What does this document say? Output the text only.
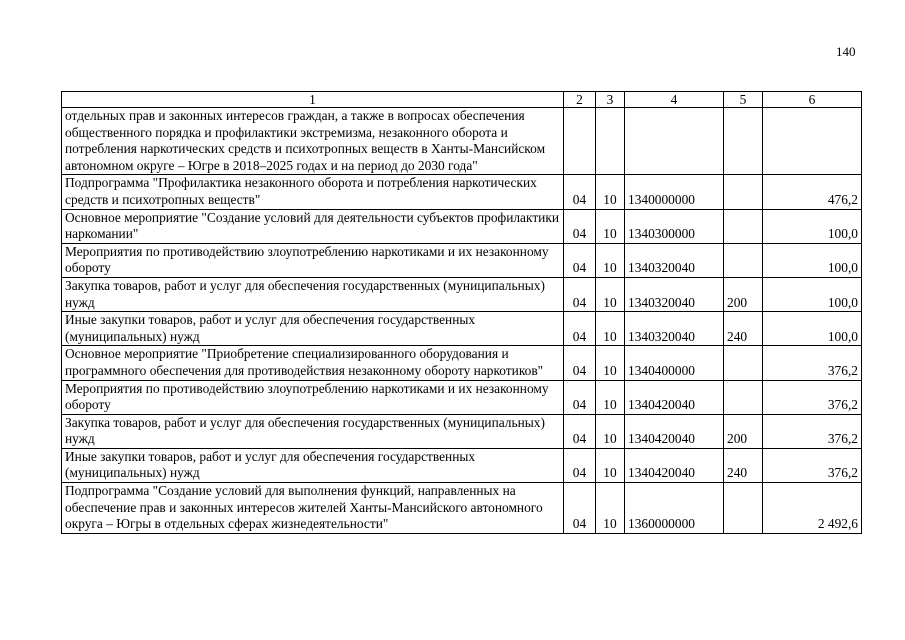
140
1	2	3	4	5	6
отдельных прав и законных интересов граждан, а также в вопросах обеспечения общественного порядка и профилактики экстремизма, незаконного оборота и потребления наркотических средств и психотропных веществ в Ханты-Мансийском автономном округе – Югре в 2018–2025 годах и на период до 2030 года"					
Подпрограмма "Профилактика незаконного оборота и потребления наркотических средств и психотропных веществ"	04	10	1340000000		476,2
Основное мероприятие "Создание условий для деятельности субъектов профилактики наркомании"	04	10	1340300000		100,0
Мероприятия по противодействию злоупотреблению наркотиками и их незаконному обороту	04	10	1340320040		100,0
Закупка товаров, работ и услуг для обеспечения государственных (муниципальных) нужд	04	10	1340320040	200	100,0
Иные закупки товаров, работ и услуг для обеспечения государственных (муниципальных) нужд	04	10	1340320040	240	100,0
Основное мероприятие "Приобретение специализированного оборудования и программного обеспечения для противодействия незаконному обороту наркотиков"	04	10	1340400000		376,2
Мероприятия по противодействию злоупотреблению наркотиками и их незаконному обороту	04	10	1340420040		376,2
Закупка товаров, работ и услуг для обеспечения государственных (муниципальных) нужд	04	10	1340420040	200	376,2
Иные закупки товаров, работ и услуг для обеспечения государственных (муниципальных) нужд	04	10	1340420040	240	376,2
Подпрограмма "Создание условий для выполнения функций, направленных на обеспечение прав и законных интересов жителей Ханты-Мансийского автономного округа – Югры в отдельных сферах жизнедеятельности"	04	10	1360000000		2 492,6
